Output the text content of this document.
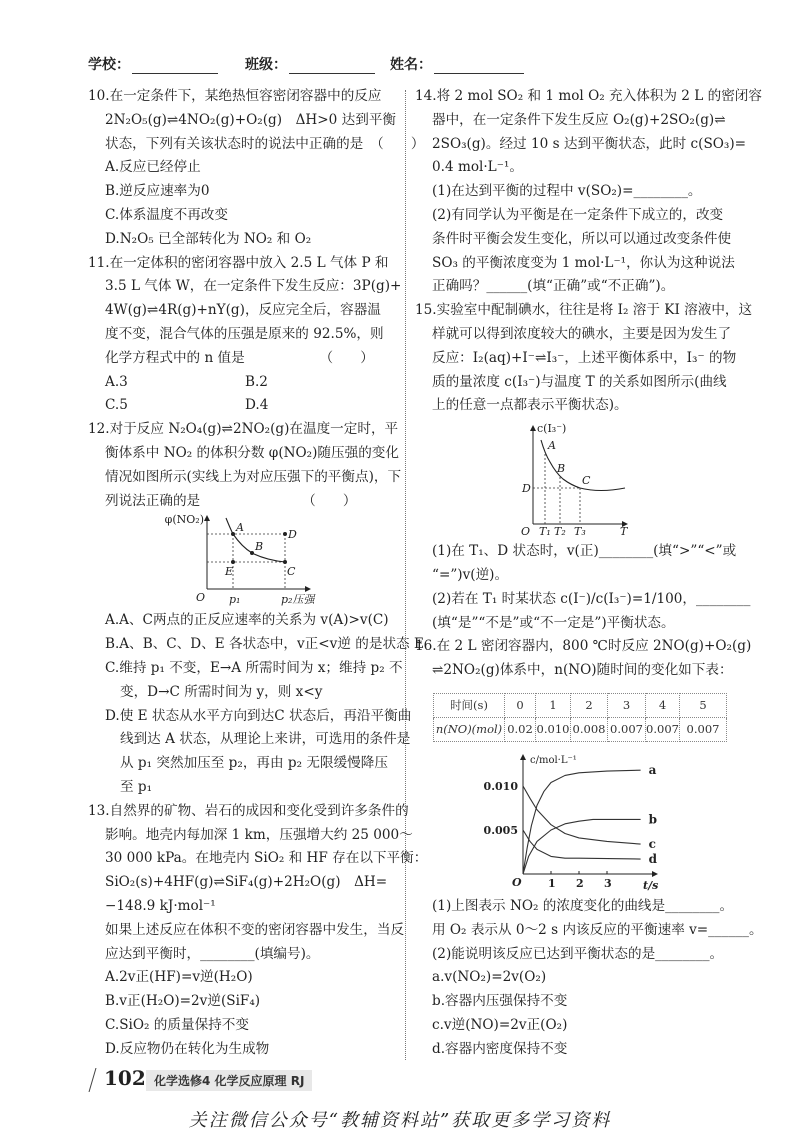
学校：	班级：	姓名：
10.在一定条件下，某绝热恒容密闭容器中的反应
2N₂O₅(g)⇌4NO₂(g)+O₂(g)　ΔH>0 达到平衡
状态，下列有关该状态时的说法中正确的是　（　　）
A.反应已经停止
B.逆反应速率为0
C.体系温度不再改变
D.N₂O₅ 已全部转化为 NO₂ 和 O₂
11.在一定体积的密闭容器中放入 2.5 L 气体 P 和
3.5 L 气体 W，在一定条件下发生反应：3P(g)+
4W(g)⇌4R(g)+nY(g)，反应完全后，容器温
度不变，混合气体的压强是原来的 92.5%，则
化学方程式中的 n 值是　　　　　　（　　）
A.3	B.2
C.5	D.4
12.对于反应 N₂O₄(g)⇌2NO₂(g)在温度一定时，平
衡体系中 NO₂ 的体积分数 φ(NO₂)随压强的变化
情况如图所示(实线上为对应压强下的平衡点)，下
列说法正确的是　　　　　　　　（　　）
φ(NO₂)
O p₁	p₂压强
A
B
C
D
E
A.A、C两点的正反应速率的关系为 v(A)>v(C)
B.A、B、C、D、E 各状态中，v正<v逆 的是状态 E
C.维持 p₁ 不变，E→A 所需时间为 x；维持 p₂ 不
变，D→C 所需时间为 y，则 x<y
D.使 E 状态从水平方向到达C 状态后，再沿平衡曲
线到达 A 状态，从理论上来讲，可选用的条件是
从 p₁ 突然加压至 p₂，再由 p₂ 无限缓慢降压
至 p₁
13.自然界的矿物、岩石的成因和变化受到许多条件的
影响。地壳内每加深 1 km，压强增大约 25 000～
30 000 kPa。在地壳内 SiO₂ 和 HF 存在以下平衡：
SiO₂(s)+4HF(g)⇌SiF₄(g)+2H₂O(g)　ΔH=
−148.9 kJ·mol⁻¹
如果上述反应在体积不变的密闭容器中发生，当反
应达到平衡时，________(填编号)。
A.2v正(HF)=v逆(H₂O)
B.v正(H₂O)=2v逆(SiF₄)
C.SiO₂ 的质量保持不变
D.反应物仍在转化为生成物
14.将 2 mol SO₂ 和 1 mol O₂ 充入体积为 2 L 的密闭容
器中，在一定条件下发生反应 O₂(g)+2SO₂(g)⇌
2SO₃(g)。经过 10 s 达到平衡状态，此时 c(SO₃)=
0.4 mol·L⁻¹。
(1)在达到平衡的过程中 v(SO₂)=________。
(2)有同学认为平衡是在一定条件下成立的，改变
条件时平衡会发生变化，所以可以通过改变条件使
SO₃ 的平衡浓度变为 1 mol·L⁻¹，你认为这种说法
正确吗？______(填“正确”或“不正确”)。
15.实验室中配制碘水，往往是将 I₂ 溶于 KI 溶液中，这
样就可以得到浓度较大的碘水，主要是因为发生了
反应：I₂(aq)+I⁻⇌I₃⁻，上述平衡体系中，I₃⁻ 的物
质的量浓度 c(I₃⁻)与温度 T 的关系如图所示(曲线
上的任意一点都表示平衡状态)。
c(I₃⁻)
O T₁ T₂ T₃	T
A
B
C
D
(1)在 T₁、D 状态时，v(正)________(填“>”“<”或
“=”)v(逆)。
(2)若在 T₁ 时某状态 c(I⁻)/c(I₃⁻)=1/100，________
(填“是”“不是”或“不一定是”)平衡状态。
16.在 2 L 密闭容器内，800 ℃时反应 2NO(g)+O₂(g)
⇌2NO₂(g)体系中，n(NO)随时间的变化如下表：
时间(s)	0	1	2	3	4	5
n(NO)(mol)	0.02	0.010	0.008	0.007	0.007	0.007
c/mol·L⁻¹
O	t/s
1 2 3
0.010
0.005
a
b
c
d
(1)上图表示 NO₂ 的浓度变化的曲线是________。
用 O₂ 表示从 0～2 s 内该反应的平衡速率 v=______。
(2)能说明该反应已达到平衡状态的是________。
a.v(NO₂)=2v(O₂)
b.容器内压强保持不变
c.v逆(NO)=2v正(O₂)
d.容器内密度保持不变
102 化学选修4 化学反应原理 RJ
关注微信公众号“教辅资料站”获取更多学习资料
